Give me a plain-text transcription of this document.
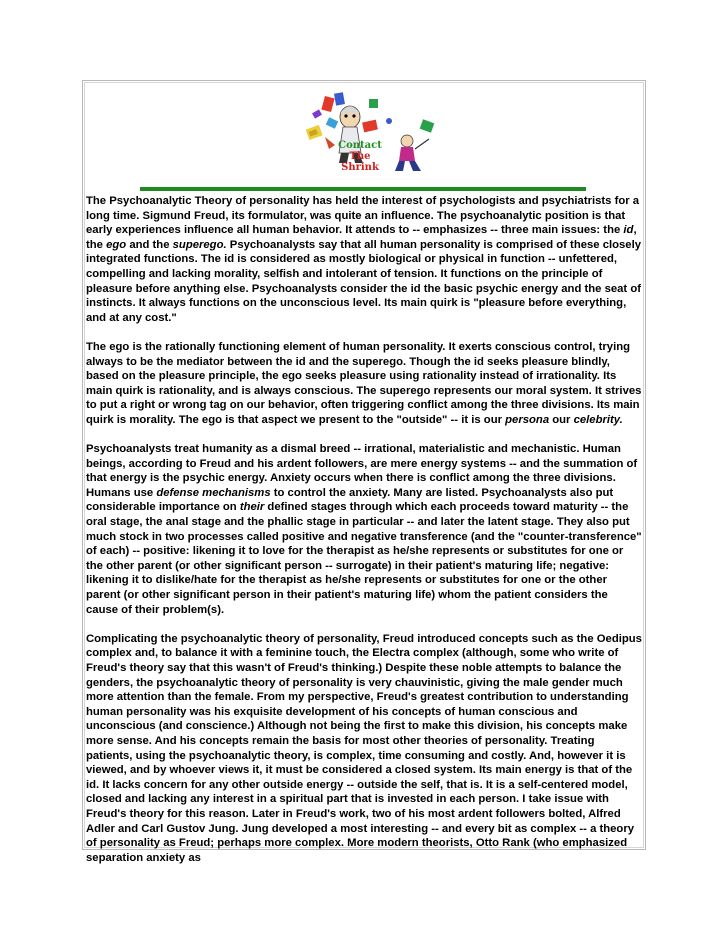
Contact
The Shrink

The Psychoanalytic Theory of personality has held the interest of psychologists and psychiatrists for a long time. Sigmund Freud, its formulator, was quite an influence. The psychoanalytic position is that early experiences influence all human behavior. It attends to -- emphasizes -- three main issues: the id, the ego and the superego. Psychoanalysts say that all human personality is comprised of these closely integrated functions. The id is considered as mostly biological or physical in function -- unfettered, compelling and lacking morality, selfish and intolerant of tension. It functions on the principle of pleasure before anything else. Psychoanalysts consider the id the basic psychic energy and the seat of instincts. It always functions on the unconscious level. Its main quirk is "pleasure before everything, and at any cost."

The ego is the rationally functioning element of human personality. It exerts conscious control, trying always to be the mediator between the id and the superego. Though the id seeks pleasure blindly, based on the pleasure principle, the ego seeks pleasure using rationality instead of irrationality. Its main quirk is rationality, and is always conscious. The superego represents our moral system. It strives to put a right or wrong tag on our behavior, often triggering conflict among the three divisions. Its main quirk is morality. The ego is that aspect we present to the "outside" -- it is our persona our celebrity.

Psychoanalysts treat humanity as a dismal breed -- irrational, materialistic and mechanistic. Human beings, according to Freud and his ardent followers, are mere energy systems -- and the summation of that energy is the psychic energy. Anxiety occurs when there is conflict among the three divisions. Humans use defense mechanisms to control the anxiety. Many are listed. Psychoanalysts also put considerable importance on their defined stages through which each proceeds toward maturity -- the oral stage, the anal stage and the phallic stage in particular -- and later the latent stage. They also put much stock in two processes called positive and negative transference (and the "counter-transference" of each) -- positive: likening it to love for the therapist as he/she represents or substitutes for one or the other parent (or other significant person -- surrogate) in their patient's maturing life; negative: likening it to dislike/hate for the therapist as he/she represents or substitutes for one or the other parent (or other significant person in their patient's maturing life) whom the patient considers the cause of their problem(s).

Complicating the psychoanalytic theory of personality, Freud introduced concepts such as the Oedipus complex and, to balance it with a feminine touch, the Electra complex (although, some who write of Freud's theory say that this wasn't of Freud's thinking.) Despite these noble attempts to balance the genders, the psychoanalytic theory of personality is very chauvinistic, giving the male gender much more attention than the female. From my perspective, Freud's greatest contribution to understanding human personality was his exquisite development of his concepts of human conscious and unconscious (and conscience.) Although not being the first to make this division, his concepts make more sense. And his concepts remain the basis for most other theories of personality. Treating patients, using the psychoanalytic theory, is complex, time consuming and costly. And, however it is viewed, and by whoever views it, it must be considered a closed system. Its main energy is that of the id. It lacks concern for any other outside energy -- outside the self, that is. It is a self-centered model, closed and lacking any interest in a spiritual part that is invested in each person. I take issue with Freud's theory for this reason. Later in Freud's work, two of his most ardent followers bolted, Alfred Adler and Carl Gustov Jung. Jung developed a most interesting -- and every bit as complex -- a theory of personality as Freud; perhaps more complex. More modern theorists, Otto Rank (who emphasized separation anxiety as
